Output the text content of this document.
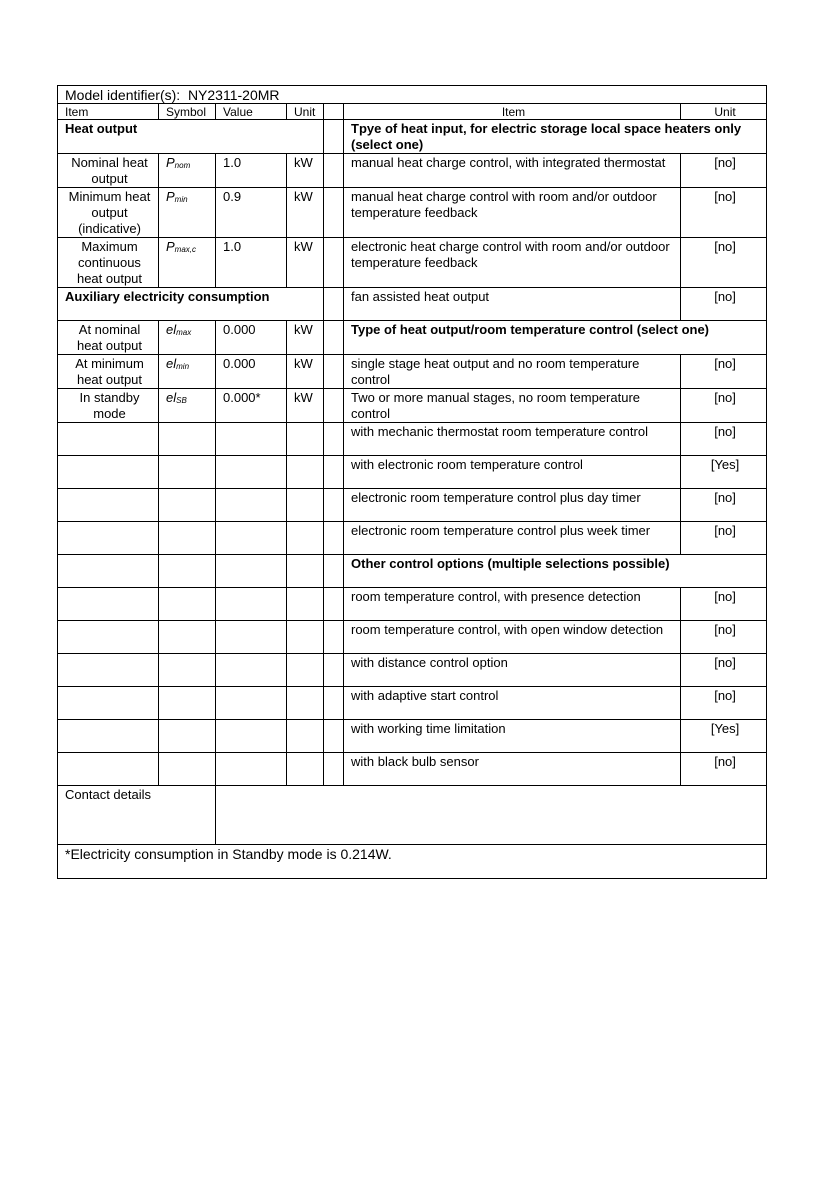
Model identifier(s): NY2311-20MR						
Item	Symbol	Value	Unit		Item	Unit
Heat output					Tpye of heat input, for electric storage local space heaters only (select one)	
Nominal heat output	$P_{nom}$	1.0	kW		manual heat charge control, with integrated thermostat	[no]
Minimum heat output (indicative)	$P_{min}$	0.9	kW		manual heat charge control with room and/or outdoor temperature feedback	[no]
Maximum continuous heat output	$P_{max,c}$	1.0	kW		electronic heat charge control with room and/or outdoor temperature feedback	[no]
Auxiliary electricity consumption					fan assisted heat output	[no]
At nominal heat output	$el_{max}$	0.000	kW		Type of heat output/room temperature control (select one)	
At minimum heat output	$el_{min}$	0.000	kW		single stage heat output and no room temperature control	[no]
In standby mode	$el_{SB}$	0.000*	kW		Two or more manual stages, no room temperature control	[no]
					with mechanic thermostat room temperature control	[no]
					with electronic room temperature control	[Yes]
					electronic room temperature control plus day timer	[no]
					electronic room temperature control plus week timer	[no]
					Other control options (multiple selections possible)	
					room temperature control, with presence detection	[no]
					room temperature control, with open window detection	[no]
					with distance control option	[no]
					with adaptive start control	[no]
					with working time limitation	[Yes]
					with black bulb sensor	[no]
Contact details						
*Electricity consumption in Standby mode is 0.214W.						
